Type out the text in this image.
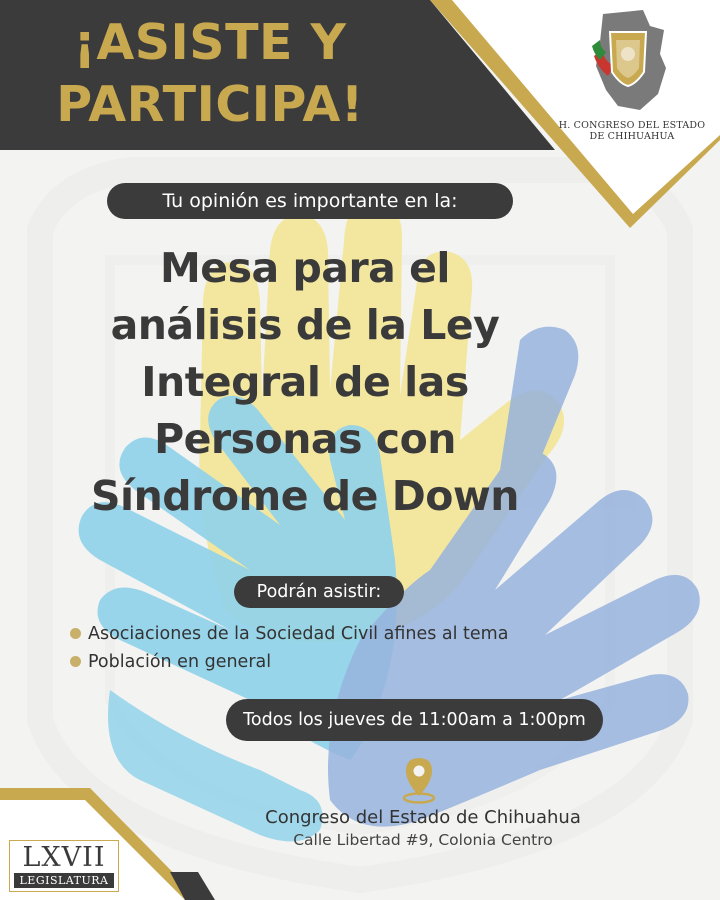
¡ASISTE Y
PARTICIPA!	H. CONGRESO DEL ESTADO
DE CHIHUAHUA
Tu opinión es importante en la:
Mesa para el
análisis de la Ley
Integral de las
Personas con
Síndrome de Down
Podrán asistir:
Asociaciones de la Sociedad Civil afines al tema
Población en general
Todos los jueves de 11:00am a 1:00pm
Congreso del Estado de Chihuahua
Calle Libertad #9, Colonia Centro
LXVII
LEGISLATURA
